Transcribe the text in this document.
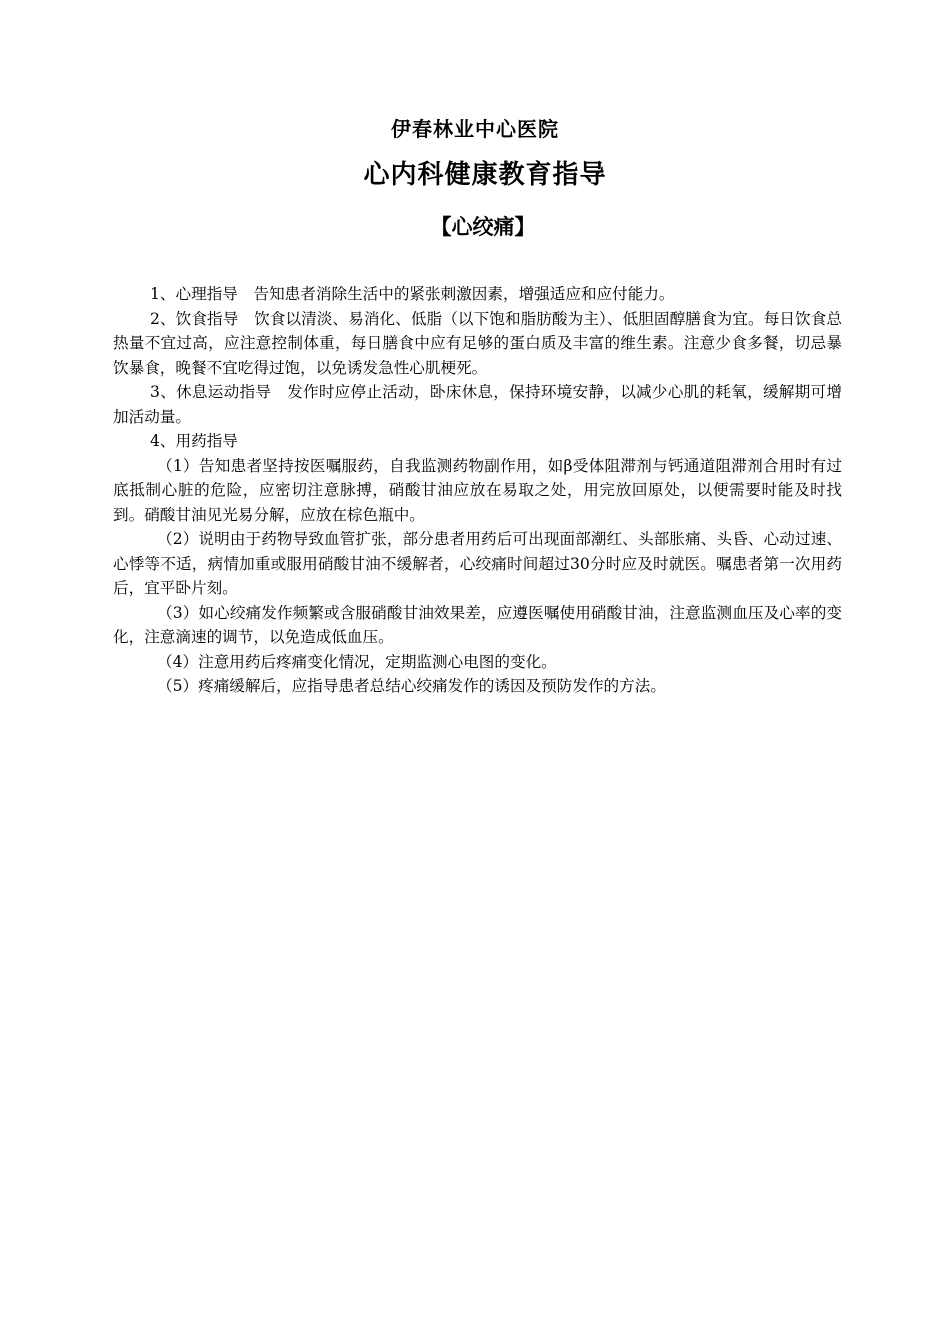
伊春林业中心医院
心内科健康教育指导
【心绞痛】

1、心理指导　告知患者消除生活中的紧张刺激因素，增强适应和应付能力。

2、饮食指导　饮食以清淡、易消化、低脂（以下饱和脂肪酸为主）、低胆固醇膳食为宜。每日饮食总热量不宜过高，应注意控制体重，每日膳食中应有足够的蛋白质及丰富的维生素。注意少食多餐，切忌暴饮暴食，晚餐不宜吃得过饱，以免诱发急性心肌梗死。

3、休息运动指导　发作时应停止活动，卧床休息，保持环境安静，以减少心肌的耗氧，缓解期可增加活动量。

4、用药指导

（1）告知患者坚持按医嘱服药，自我监测药物副作用，如β受体阻滞剂与钙通道阻滞剂合用时有过底抵制心脏的危险，应密切注意脉搏，硝酸甘油应放在易取之处，用完放回原处，以便需要时能及时找到。硝酸甘油见光易分解，应放在棕色瓶中。

（2）说明由于药物导致血管扩张，部分患者用药后可出现面部潮红、头部胀痛、头昏、心动过速、心悸等不适，病情加重或服用硝酸甘油不缓解者，心绞痛时间超过30分时应及时就医。嘱患者第一次用药后，宜平卧片刻。

（3）如心绞痛发作频繁或含服硝酸甘油效果差，应遵医嘱使用硝酸甘油，注意监测血压及心率的变化，注意滴速的调节，以免造成低血压。

（4）注意用药后疼痛变化情况，定期监测心电图的变化。

（5）疼痛缓解后，应指导患者总结心绞痛发作的诱因及预防发作的方法。
